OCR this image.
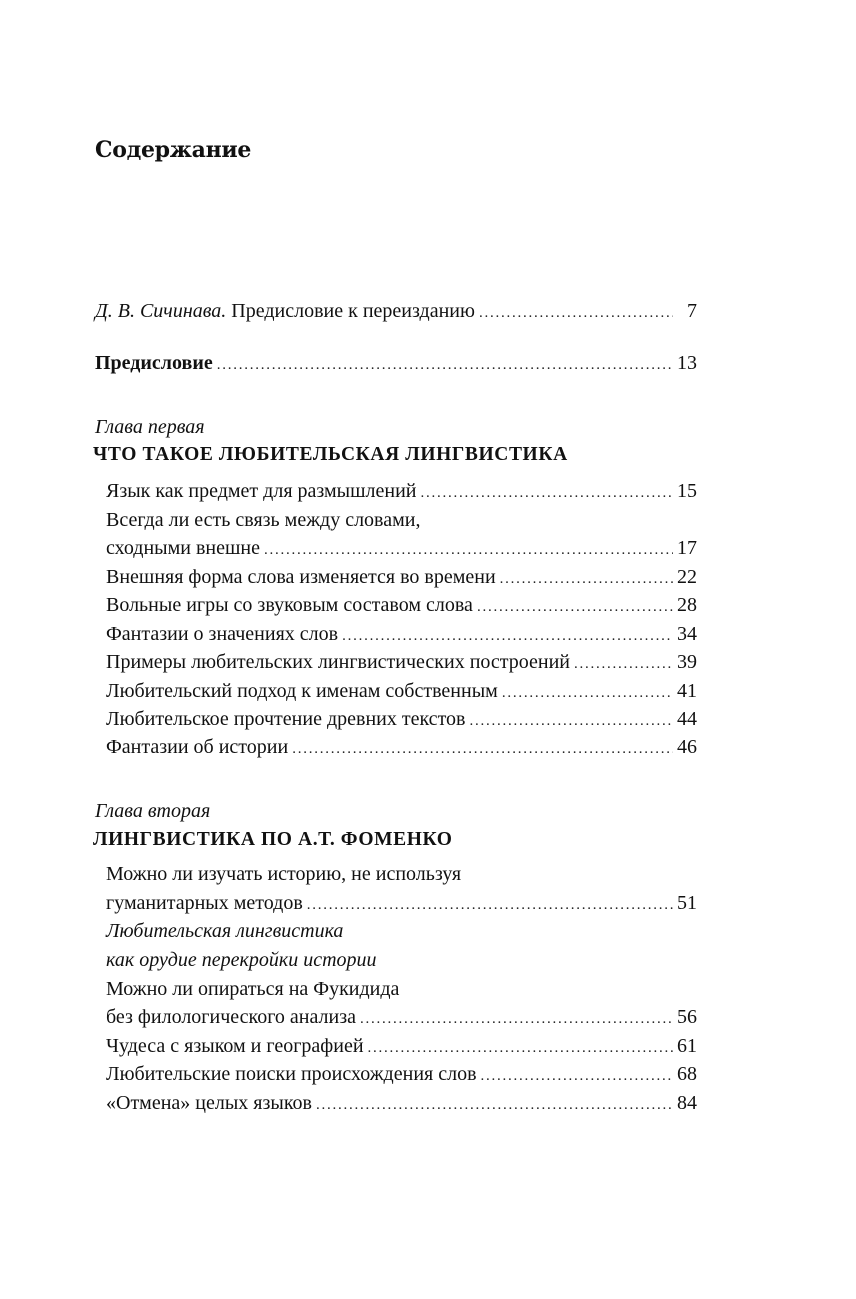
Содержание
Д. В. Сичинава. Предисловие к переизданию . . .	7
Предисловие . . .	13
Глава первая
ЧТО ТАКОЕ ЛЮБИТЕЛЬСКАЯ ЛИНГВИСТИКА
Язык как предмет для размышлений . . .	15
Всегда ли есть связь между словами,
сходными внешне . . .	17
Внешняя форма слова изменяется во времени . . .	22
Вольные игры со звуковым составом слова . . .	28
Фантазии о значениях слов . . .	34
Примеры любительских лингвистических построений . . .	39
Любительский подход к именам собственным . . .	41
Любительское прочтение древних текстов . . .	44
Фантазии об истории . . .	46
Глава вторая
ЛИНГВИСТИКА ПО А.Т. ФОМЕНКО
Можно ли изучать историю, не используя
гуманитарных методов . . .	51
Любительская лингвистика
как орудие перекройки истории
Можно ли опираться на Фукидида
без филологического анализа . . .	56
Чудеса с языком и географией . . .	61
Любительские поиски происхождения слов . . .	68
«Отмена» целых языков . . .	84
